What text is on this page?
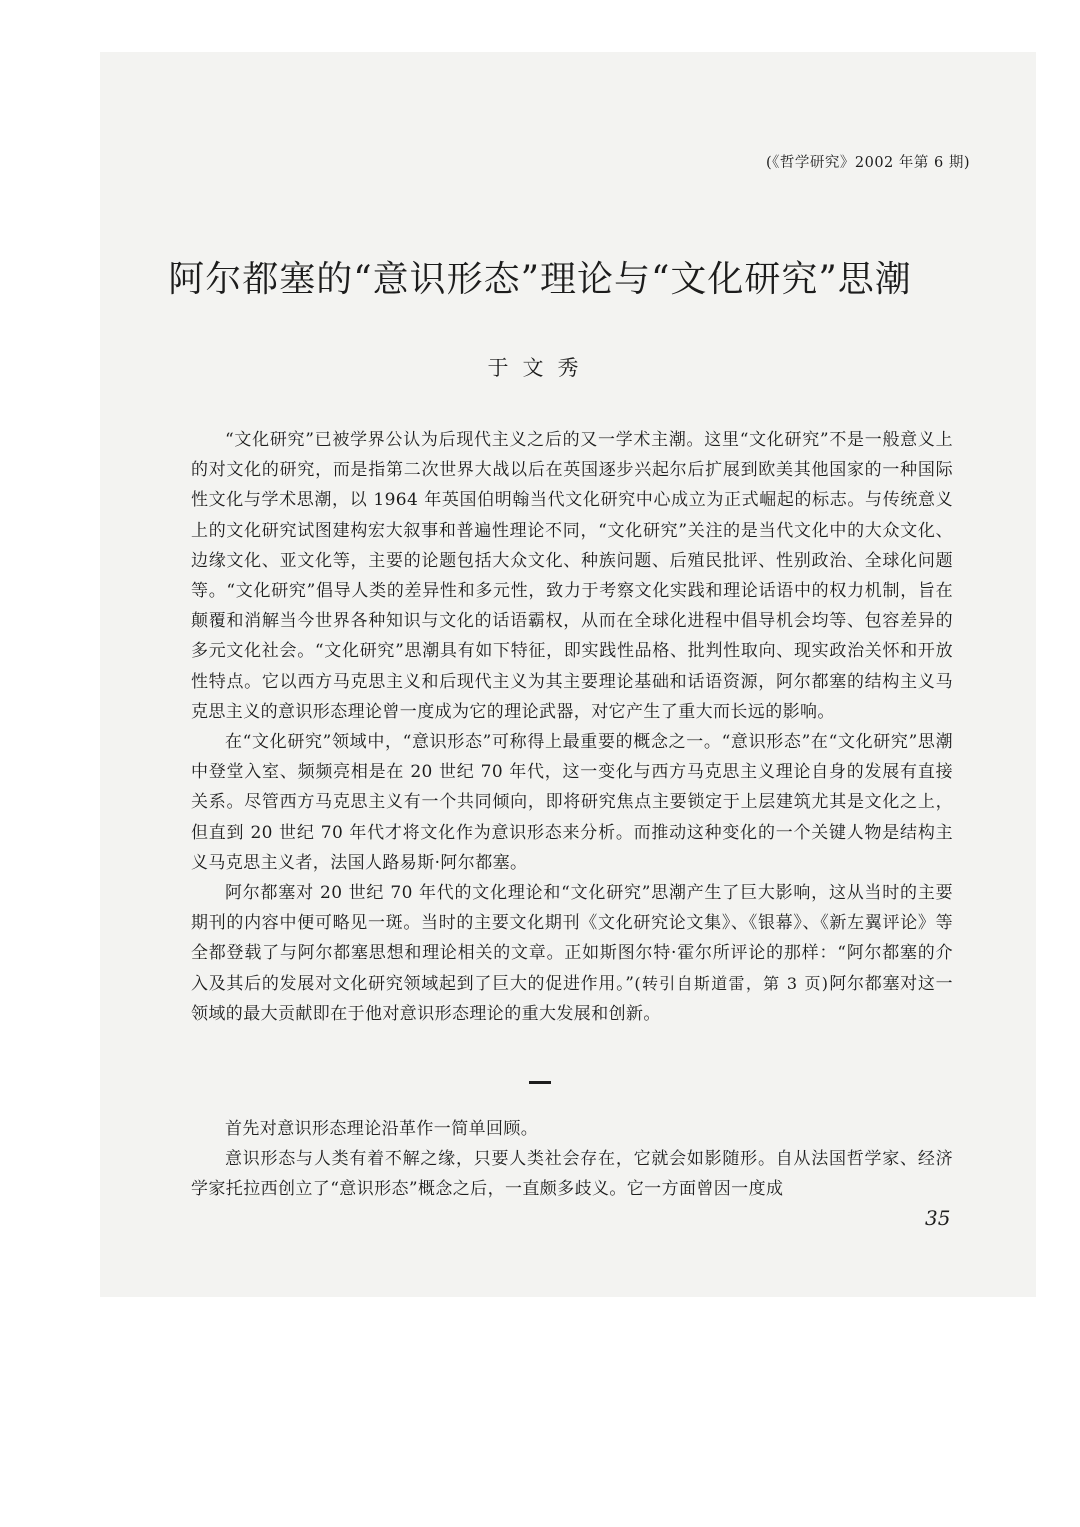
(《哲学研究》2002 年第 6 期)
阿尔都塞的“意识形态”理论与“文化研究”思潮
于文秀

“文化研究”已被学界公认为后现代主义之后的又一学术主潮。这里“文化研究”不是一般意义上的对文化的研究，而是指第二次世界大战以后在英国逐步兴起尔后扩展到欧美其他国家的一种国际性文化与学术思潮，以 1964 年英国伯明翰当代文化研究中心成立为正式崛起的标志。与传统意义上的文化研究试图建构宏大叙事和普遍性理论不同，“文化研究”关注的是当代文化中的大众文化、边缘文化、亚文化等，主要的论题包括大众文化、种族问题、后殖民批评、性别政治、全球化问题等。“文化研究”倡导人类的差异性和多元性，致力于考察文化实践和理论话语中的权力机制，旨在颠覆和消解当今世界各种知识与文化的话语霸权，从而在全球化进程中倡导机会均等、包容差异的多元文化社会。“文化研究”思潮具有如下特征，即实践性品格、批判性取向、现实政治关怀和开放性特点。它以西方马克思主义和后现代主义为其主要理论基础和话语资源，阿尔都塞的结构主义马克思主义的意识形态理论曾一度成为它的理论武器，对它产生了重大而长远的影响。

在“文化研究”领域中，“意识形态”可称得上最重要的概念之一。“意识形态”在“文化研究”思潮中登堂入室、频频亮相是在 20 世纪 70 年代，这一变化与西方马克思主义理论自身的发展有直接关系。尽管西方马克思主义有一个共同倾向，即将研究焦点主要锁定于上层建筑尤其是文化之上，但直到 20 世纪 70 年代才将文化作为意识形态来分析。而推动这种变化的一个关键人物是结构主义马克思主义者，法国人路易斯·阿尔都塞。

阿尔都塞对 20 世纪 70 年代的文化理论和“文化研究”思潮产生了巨大影响，这从当时的主要期刊的内容中便可略见一斑。当时的主要文化期刊《文化研究论文集》、《银幕》、《新左翼评论》等全都登载了与阿尔都塞思想和理论相关的文章。正如斯图尔特·霍尔所评论的那样：“阿尔都塞的介入及其后的发展对文化研究领域起到了巨大的促进作用。”(转引自斯道雷，第 3 页)阿尔都塞对这一领域的最大贡献即在于他对意识形态理论的重大发展和创新。

首先对意识形态理论沿革作一简单回顾。

意识形态与人类有着不解之缘，只要人类社会存在，它就会如影随形。自从法国哲学家、经济学家托拉西创立了“意识形态”概念之后，一直颇多歧义。它一方面曾因一度成

35
